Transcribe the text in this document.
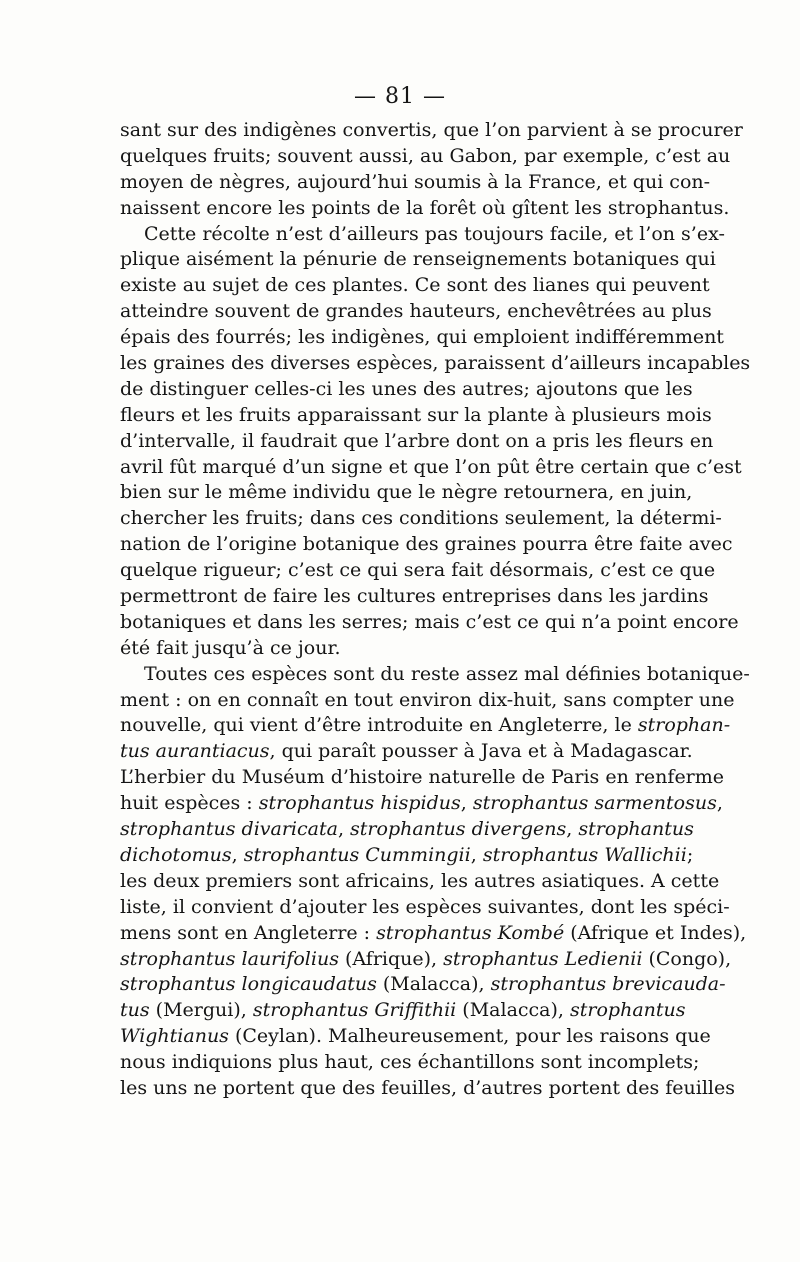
— 81 —
sant sur des indigènes convertis, que l’on parvient à se procurer
quelques fruits; souvent aussi, au Gabon, par exemple, c’est au
moyen de nègres, aujourd’hui soumis à la France, et qui con-
naissent encore les points de la forêt où gîtent les strophantus.
Cette récolte n’est d’ailleurs pas toujours facile, et l’on s’ex-
plique aisément la pénurie de renseignements botaniques qui
existe au sujet de ces plantes. Ce sont des lianes qui peuvent
atteindre souvent de grandes hauteurs, enchevêtrées au plus
épais des fourrés; les indigènes, qui emploient indifféremment
les graines des diverses espèces, paraissent d’ailleurs incapables
de distinguer celles-ci les unes des autres; ajoutons que les
fleurs et les fruits apparaissant sur la plante à plusieurs mois
d’intervalle, il faudrait que l’arbre dont on a pris les fleurs en
avril fût marqué d’un signe et que l’on pût être certain que c’est
bien sur le même individu que le nègre retournera, en juin,
chercher les fruits; dans ces conditions seulement, la détermi-
nation de l’origine botanique des graines pourra être faite avec
quelque rigueur; c’est ce qui sera fait désormais, c’est ce que
permettront de faire les cultures entreprises dans les jardins
botaniques et dans les serres; mais c’est ce qui n’a point encore
été fait jusqu’à ce jour.
Toutes ces espèces sont du reste assez mal définies botanique-
ment : on en connaît en tout environ dix-huit, sans compter une
nouvelle, qui vient d’être introduite en Angleterre, le strophan-
tus aurantiacus, qui paraît pousser à Java et à Madagascar.
L’herbier du Muséum d’histoire naturelle de Paris en renferme
huit espèces : strophantus hispidus, strophantus sarmentosus,
strophantus divaricata, strophantus divergens, strophantus
dichotomus, strophantus Cummingii, strophantus Wallichii;
les deux premiers sont africains, les autres asiatiques. A cette
liste, il convient d’ajouter les espèces suivantes, dont les spéci-
mens sont en Angleterre : strophantus Kombé (Afrique et Indes),
strophantus laurifolius (Afrique), strophantus Ledienii (Congo),
strophantus longicaudatus (Malacca), strophantus brevicauda-
tus (Mergui), strophantus Griffithii (Malacca), strophantus
Wightianus (Ceylan). Malheureusement, pour les raisons que
nous indiquions plus haut, ces échantillons sont incomplets;
les uns ne portent que des feuilles, d’autres portent des feuilles
